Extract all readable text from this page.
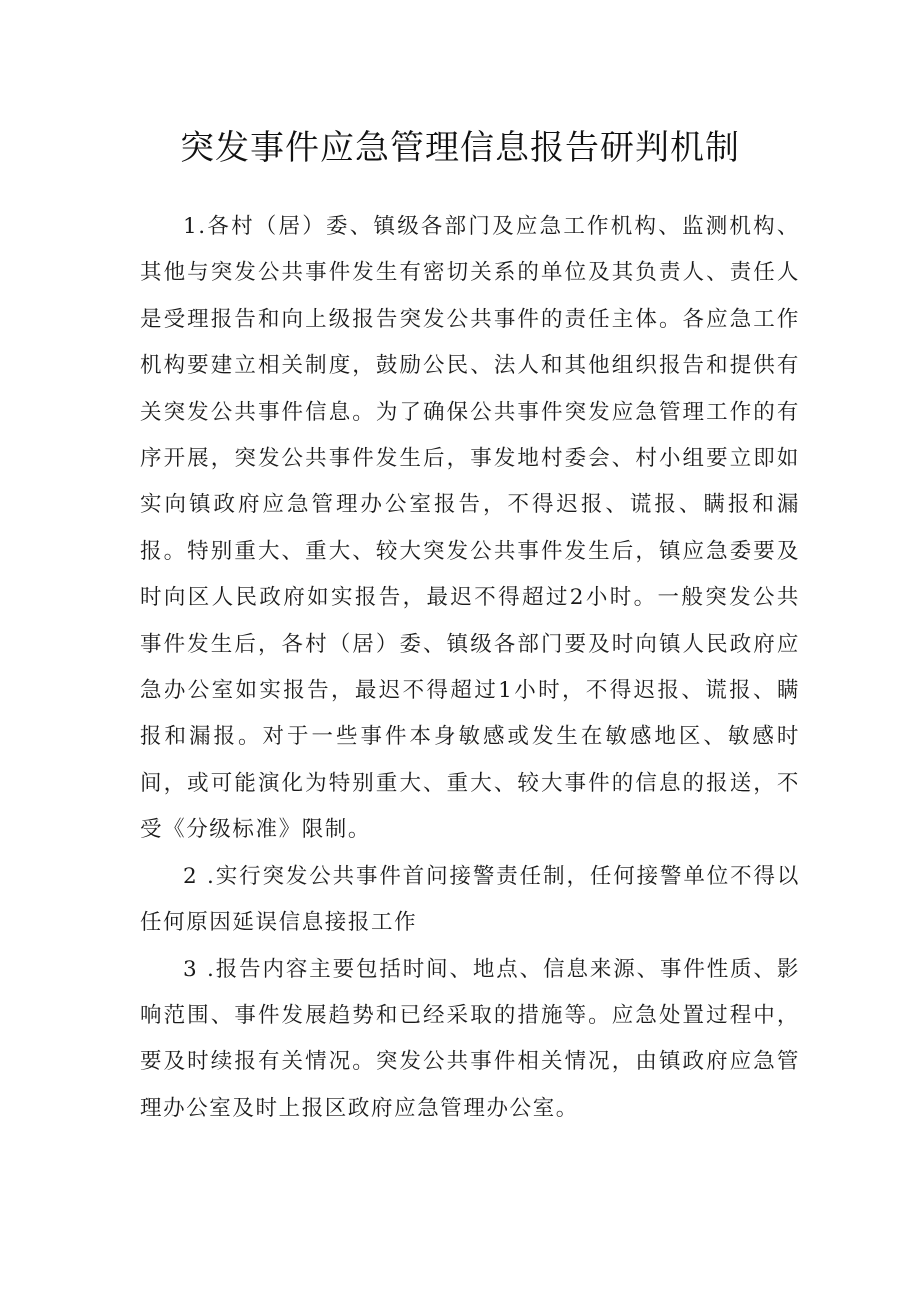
突发事件应急管理信息报告研判机制

1.各村（居）委、镇级各部门及应急工作机构、监测机构、其他与突发公共事件发生有密切关系的单位及其负责人、责任人是受理报告和向上级报告突发公共事件的责任主体。各应急工作机构要建立相关制度，鼓励公民、法人和其他组织报告和提供有关突发公共事件信息。为了确保公共事件突发应急管理工作的有序开展，突发公共事件发生后，事发地村委会、村小组要立即如实向镇政府应急管理办公室报告，不得迟报、谎报、瞒报和漏报。特别重大、重大、较大突发公共事件发生后，镇应急委要及时向区人民政府如实报告，最迟不得超过2小时。一般突发公共事件发生后，各村（居）委、镇级各部门要及时向镇人民政府应急办公室如实报告，最迟不得超过1小时，不得迟报、谎报、瞒报和漏报。对于一些事件本身敏感或发生在敏感地区、敏感时间，或可能演化为特别重大、重大、较大事件的信息的报送，不受《分级标准》限制。

2 .实行突发公共事件首问接警责任制，任何接警单位不得以任何原因延误信息接报工作

3 .报告内容主要包括时间、地点、信息来源、事件性质、影响范围、事件发展趋势和已经采取的措施等。应急处置过程中，要及时续报有关情况。突发公共事件相关情况，由镇政府应急管理办公室及时上报区政府应急管理办公室。
